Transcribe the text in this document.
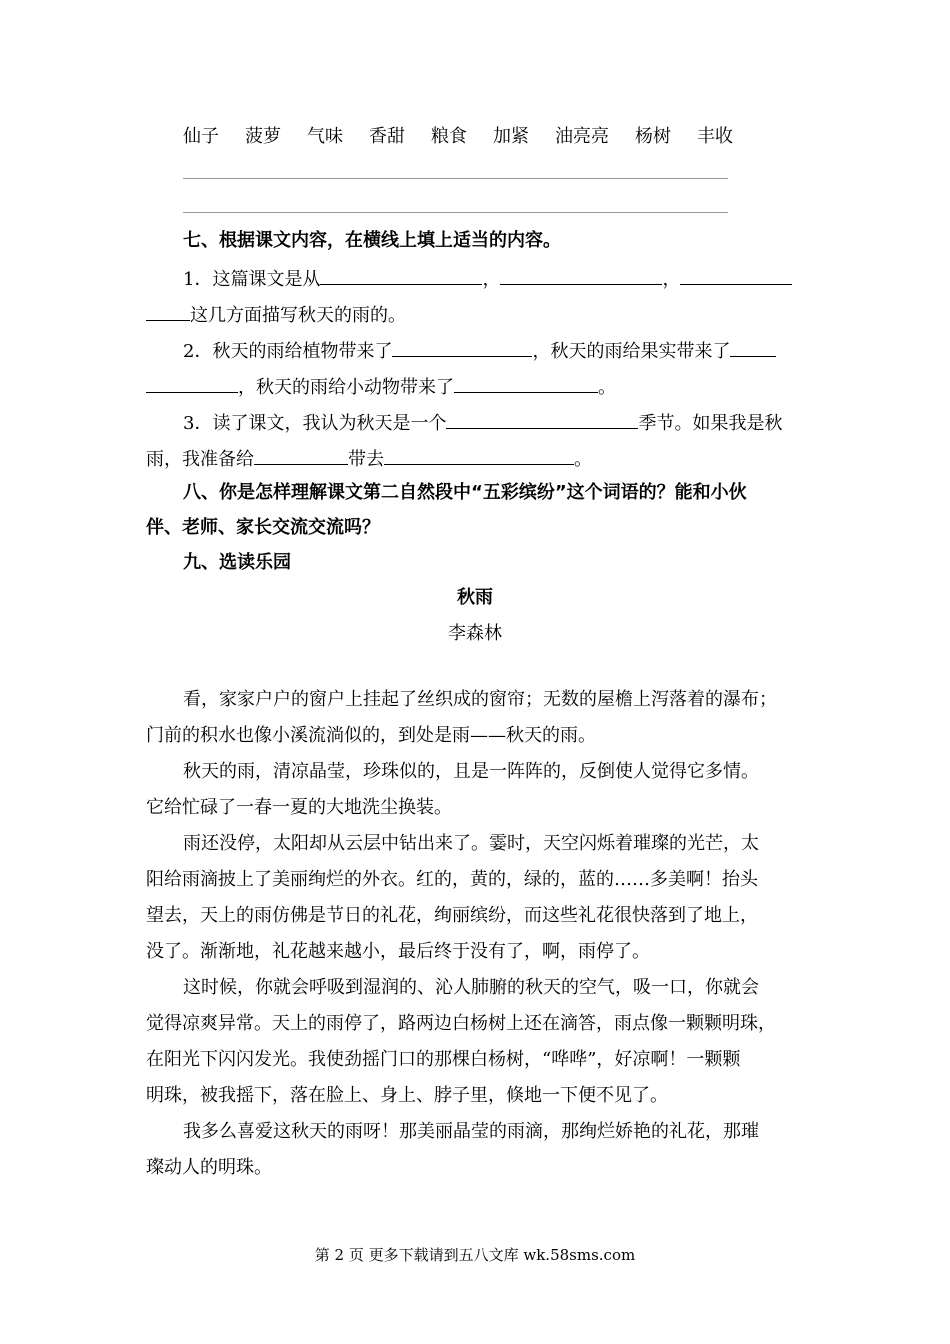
仙子 菠萝 气味 香甜 粮食 加紧 油亮亮 杨树 丰收
七、根据课文内容，在横线上填上适当的内容。
1．这篇课文是从	，	，
这几方面描写秋天的雨的。
2．秋天的雨给植物带来了	，秋天的雨给果实带来了
，秋天的雨给小动物带来了	。
3．读了课文，我认为秋天是一个	季节。如果我是秋
雨，我准备给	带去	。
八、你是怎样理解课文第二自然段中“五彩缤纷”这个词语的？能和小伙
伴、老师、家长交流交流吗？
九、选读乐园
秋雨
李森林
看，家家户户的窗户上挂起了丝织成的窗帘；无数的屋檐上泻落着的瀑布；
门前的积水也像小溪流淌似的，到处是雨——秋天的雨。
秋天的雨，清凉晶莹，珍珠似的，且是一阵阵的，反倒使人觉得它多情。
它给忙碌了一春一夏的大地洗尘换装。
雨还没停，太阳却从云层中钻出来了。霎时，天空闪烁着璀璨的光芒，太
阳给雨滴披上了美丽绚烂的外衣。红的，黄的，绿的，蓝的……多美啊！抬头
望去，天上的雨仿佛是节日的礼花，绚丽缤纷，而这些礼花很快落到了地上，
没了。渐渐地，礼花越来越小，最后终于没有了，啊，雨停了。
这时候，你就会呼吸到湿润的、沁人肺腑的秋天的空气，吸一口，你就会
觉得凉爽异常。天上的雨停了，路两边白杨树上还在滴答，雨点像一颗颗明珠，
在阳光下闪闪发光。我使劲摇门口的那棵白杨树，“哗哗”，好凉啊！一颗颗
明珠，被我摇下，落在脸上、身上、脖子里，倏地一下便不见了。
我多么喜爱这秋天的雨呀！那美丽晶莹的雨滴，那绚烂娇艳的礼花，那璀
璨动人的明珠。
第 2 页 更多下载请到五八文库 wk.58sms.com
